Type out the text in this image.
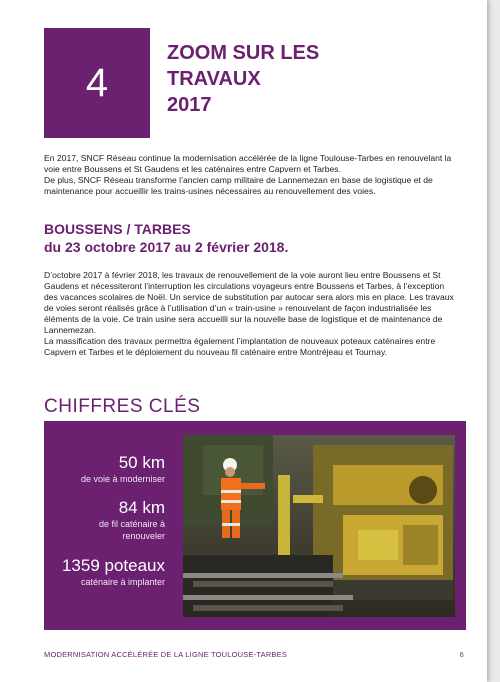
4
ZOOM SUR LES
TRAVAUX
2017

En 2017, SNCF Réseau continue la modernisation accélérée de la ligne Toulouse-Tarbes en renouvelant la voie entre Boussens et St Gaudens et les caténaires entre Capvern et Tarbes.

De plus, SNCF Réseau transforme l’ancien camp militaire de Lannemezan en base de logistique et de maintenance pour accueillir les trains-usines nécessaires au renouvellement des voies.

BOUSSENS / TARBES
du 23 octobre 2017 au 2 février 2018.

D’octobre 2017 à février 2018, les travaux de renouvellement de la voie auront lieu entre Boussens et St Gaudens et nécessiteront l’interruption les circulations voyageurs entre Boussens et Tarbes, à l’exception des vacances scolaires de Noël. Un service de substitution par autocar sera alors mis en place. Les travaux de voies seront réalisés grâce à l’utilisation d’un « train-usine » renouvelant de façon industrialisée les éléments de la voie. Ce train usine sera accueilli sur la nouvelle base de logistique et de maintenance de Lannemezan.

La massification des travaux permettra également l’implantation de nouveaux poteaux caténaires entre Capvern et Tarbes et le déploiement du nouveau fil caténaire entre Montréjeau et Tournay.

CHIFFRES CLÉS
50 km
de voie à moderniser
84 km
de fil caténaire à
renouveler
1359 poteaux
caténaire à implanter
MODERNISATION ACCÉLÉRÉE DE LA LIGNE TOULOUSE-TARBES	6
